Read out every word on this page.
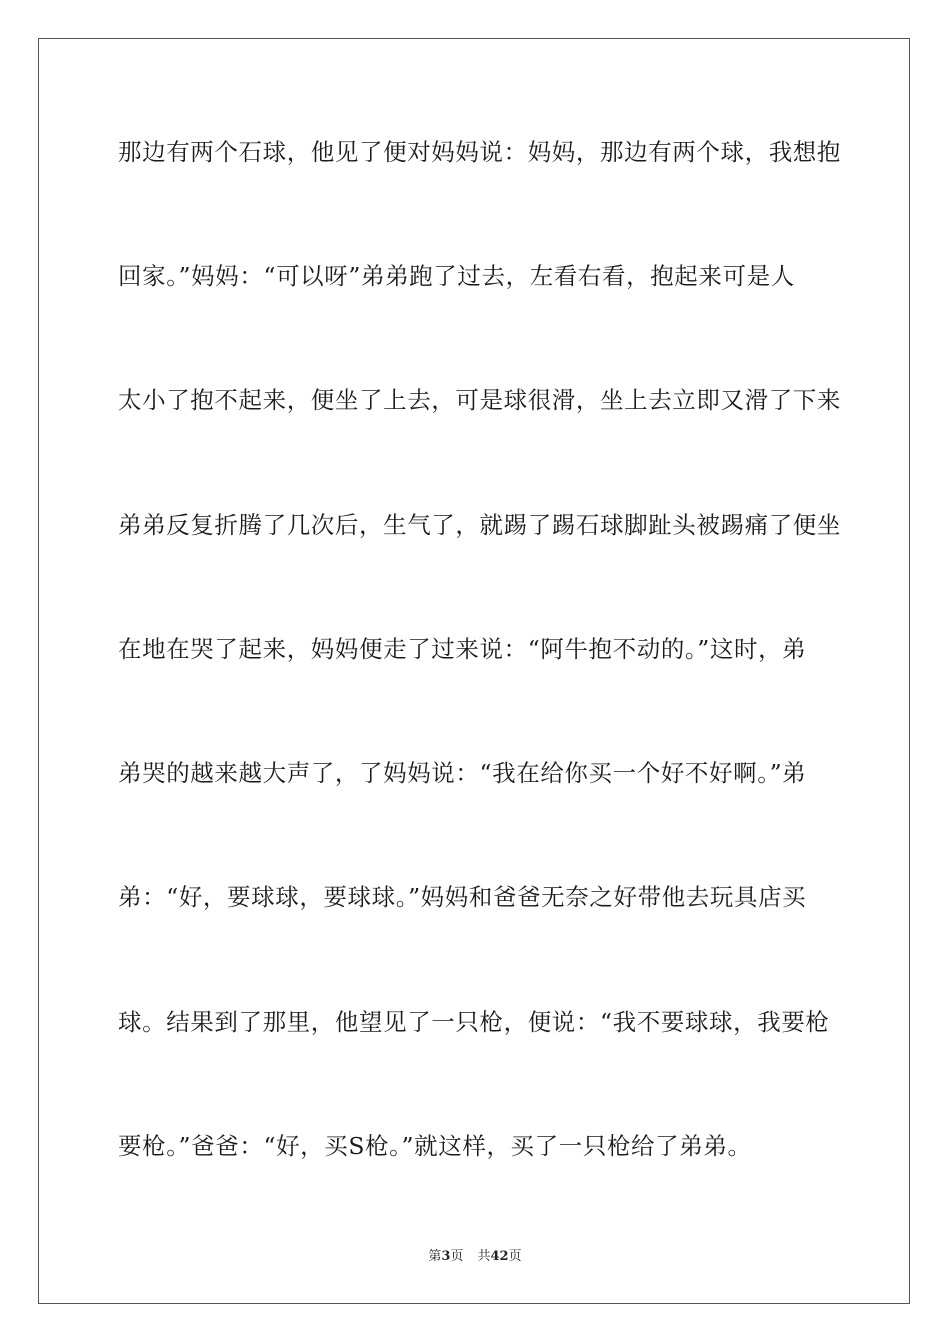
那边有两个石球，他见了便对妈妈说：妈妈，那边有两个球，我想抱
回家。”妈妈：“可以呀”弟弟跑了过去，左看右看，抱起来可是人
太小了抱不起来，便坐了上去，可是球很滑，坐上去立即又滑了下来
弟弟反复折腾了几次后，生气了，就踢了踢石球脚趾头被踢痛了便坐
在地在哭了起来，妈妈便走了过来说：“阿牛抱不动的。”这时，弟
弟哭的越来越大声了，了妈妈说：“我在给你买一个好不好啊。”弟
弟：“好，要球球，要球球。”妈妈和爸爸无奈之好带他去玩具店买
球。结果到了那里，他望见了一只枪，便说：“我不要球球，我要枪
要枪。”爸爸：“好，买S枪。”就这样，买了一只枪给了弟弟。
第3页 共42页
